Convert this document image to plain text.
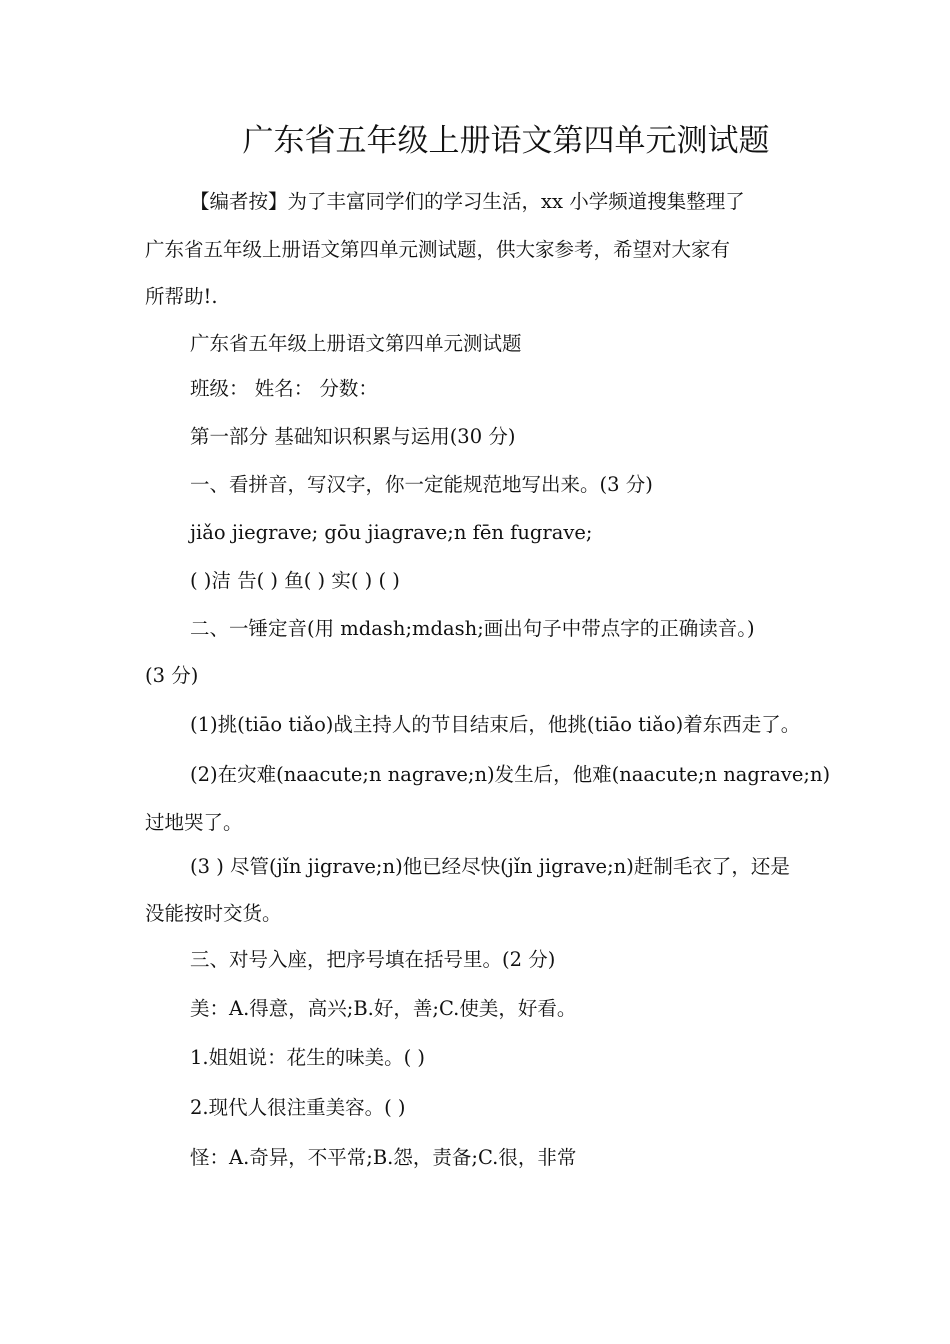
广东省五年级上册语文第四单元测试题
【编者按】为了丰富同学们的学习生活，xx 小学频道搜集整理了
广东省五年级上册语文第四单元测试题，供大家参考，希望对大家有
所帮助!.
广东省五年级上册语文第四单元测试题
班级： 姓名： 分数：
第一部分 基础知识积累与运用(30 分)
一、看拼音，写汉字，你一定能规范地写出来。(3 分)
jiǎo jiegrave; gōu jiagrave;n fēn fugrave;
( )洁 告( ) 鱼( ) 实( ) ( )
二、一锤定音(用 mdash;mdash;画出句子中带点字的正确读音。)
(3 分)
(1)挑(tiāo tiǎo)战主持人的节目结束后，他挑(tiāo tiǎo)着东西走了。
(2)在灾难(naacute;n nagrave;n)发生后，他难(naacute;n nagrave;n)
过地哭了。
(3 ) 尽管(jǐn jigrave;n)他已经尽快(jǐn jigrave;n)赶制毛衣了，还是
没能按时交货。
三、对号入座，把序号填在括号里。(2 分)
美：A.得意，高兴;B.好，善;C.使美，好看。
1.姐姐说：花生的味美。( )
2.现代人很注重美容。( )
怪：A.奇异，不平常;B.怨，责备;C.很，非常
